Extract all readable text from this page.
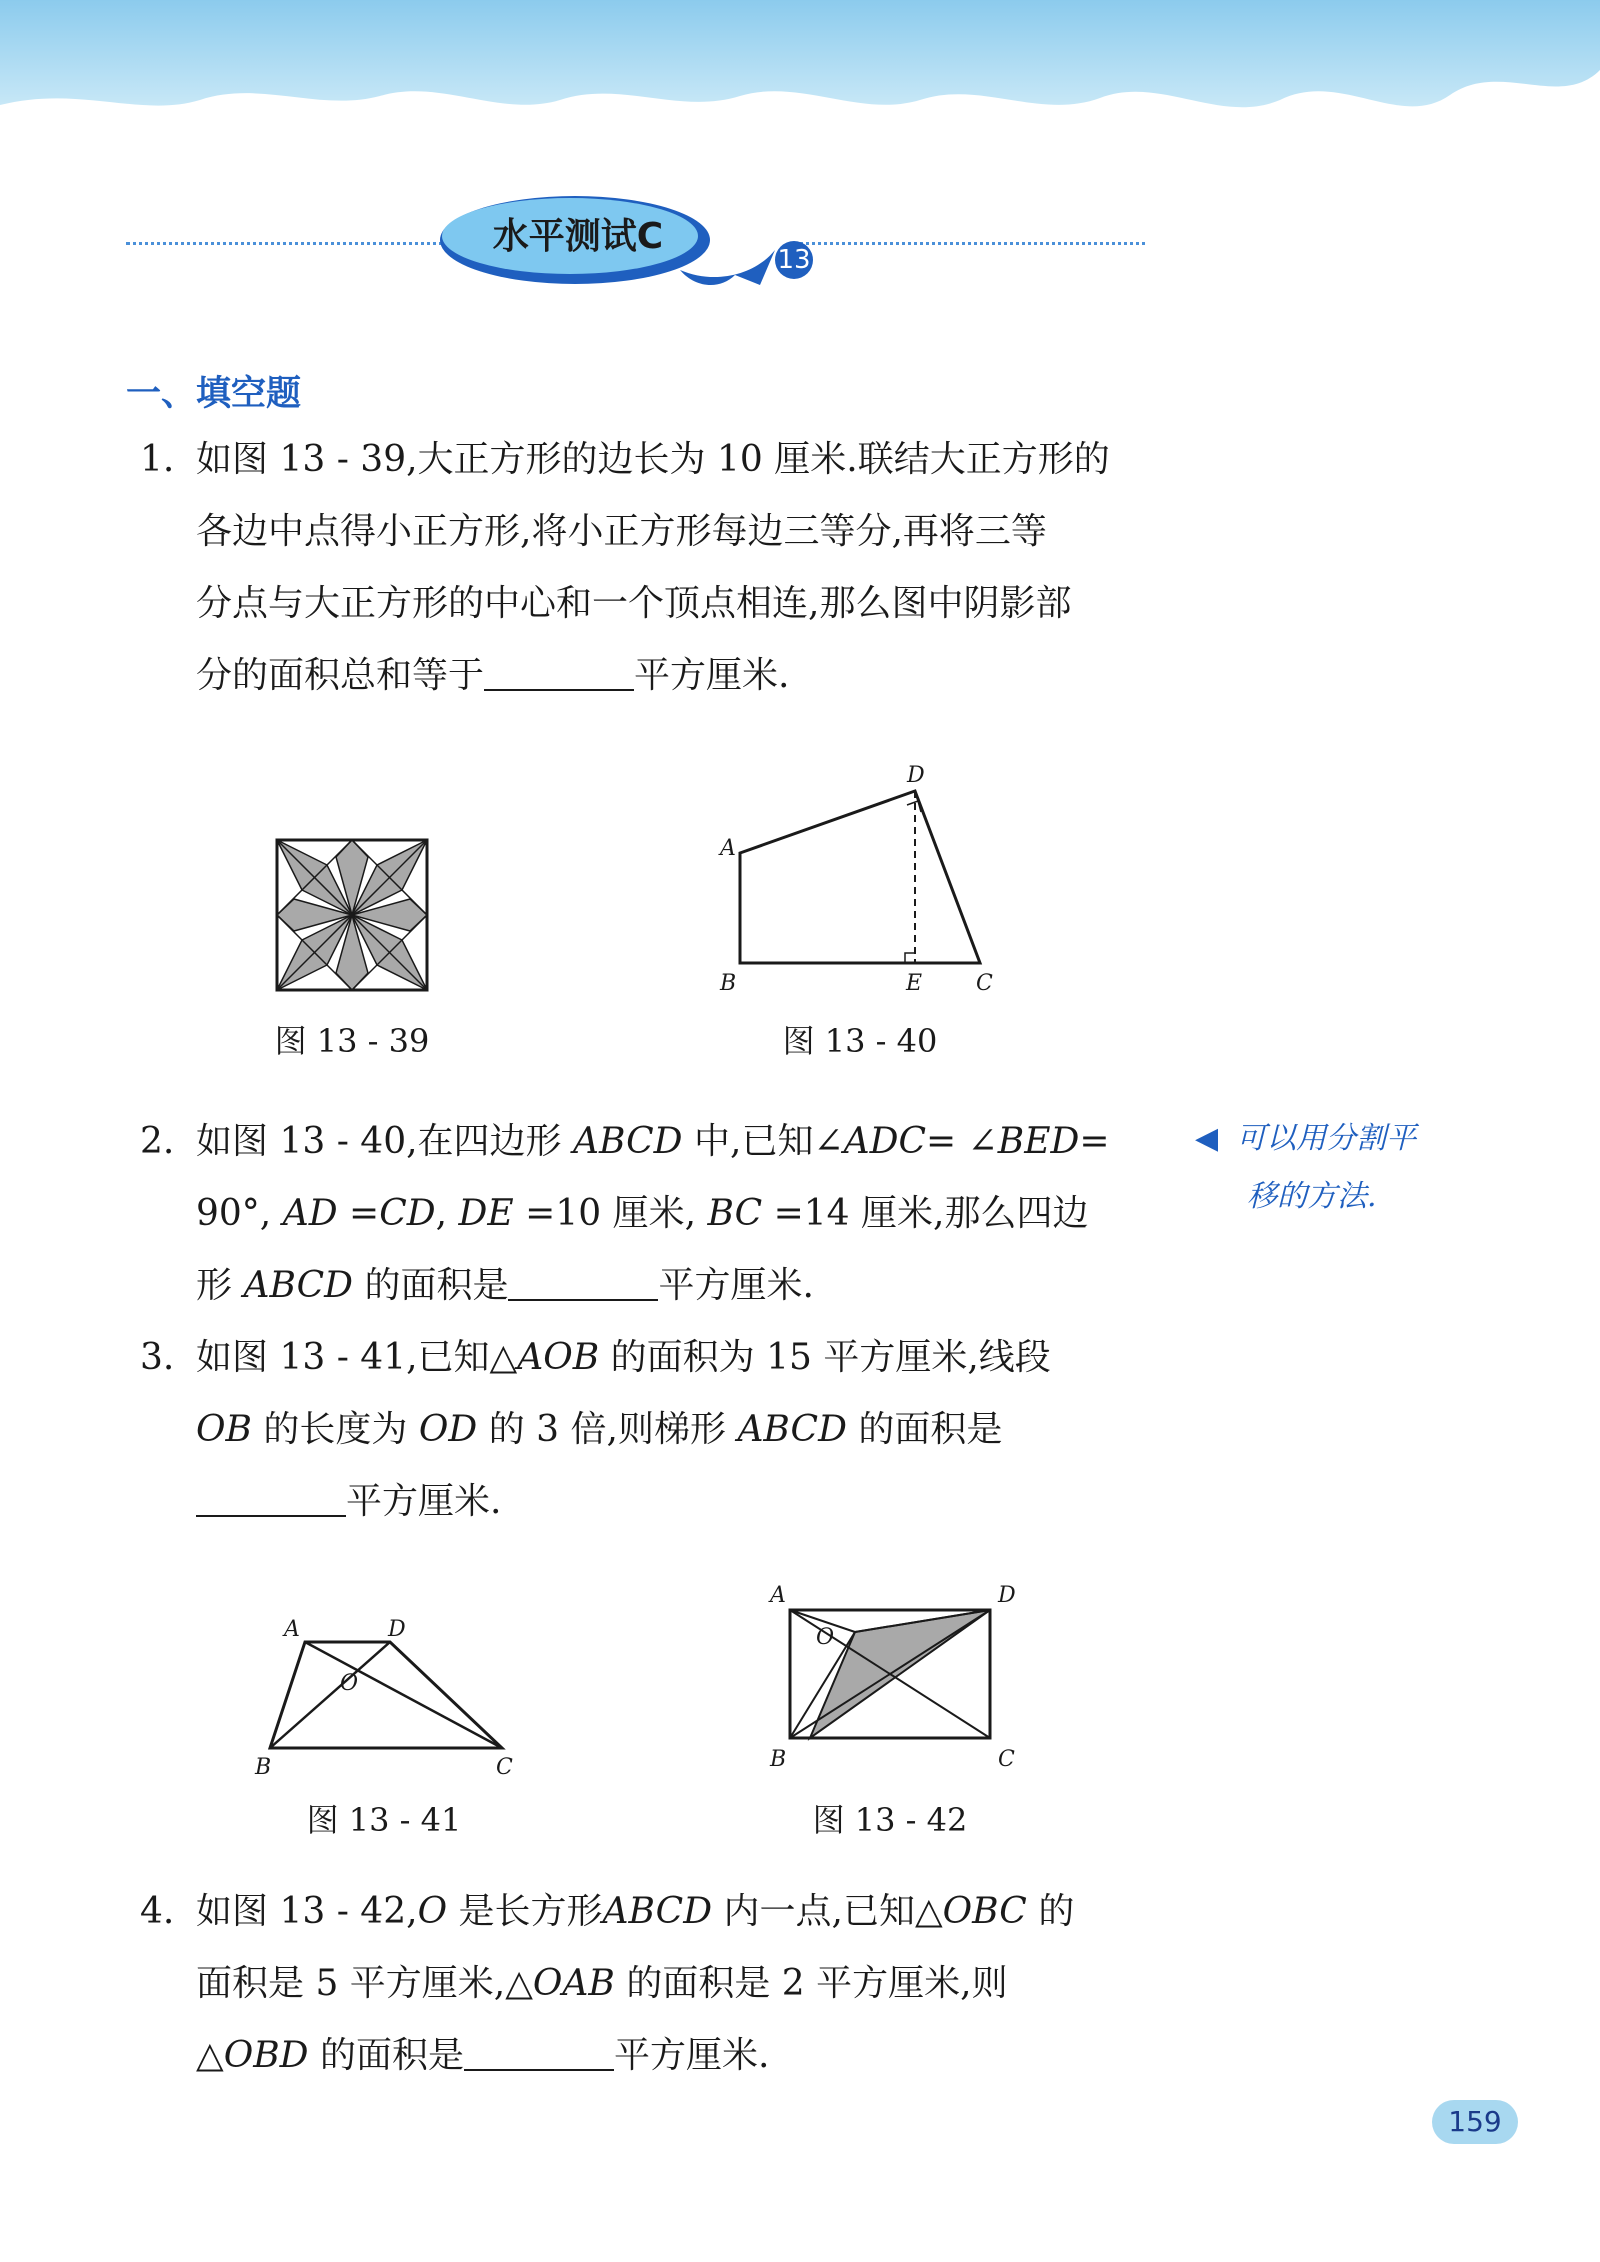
水平测试C
13
一、填空题
1. 如图 13 - 39,大正方形的边长为 10 厘米.联结大正方形的
各边中点得小正方形,将小正方形每边三等分,再将三等
分点与大正方形的中心和一个顶点相连,那么图中阴影部
分的面积总和等于	平方厘米.
图 13 - 39
A
B	C
D
E
图 13 - 40
◀ 可以用分割平
移的方法.
2. 如图 13 - 40,在四边形 ABCD 中,已知∠ADC= ∠BED=
90°, AD =CD, DE =10 厘米, BC =14 厘米,那么四边
形 ABCD 的面积是	平方厘米.
3. 如图 13 - 41,已知△AOB 的面积为 15 平方厘米,线段
OB 的长度为 OD 的 3 倍,则梯形 ABCD 的面积是
平方厘米.
A	D
O
B	C
图 13 - 41
A	D
O
B	C
图 13 - 42
4. 如图 13 - 42,O 是长方形ABCD 内一点,已知△OBC 的
面积是 5 平方厘米,△OAB 的面积是 2 平方厘米,则
△OBD 的面积是	平方厘米.
159
